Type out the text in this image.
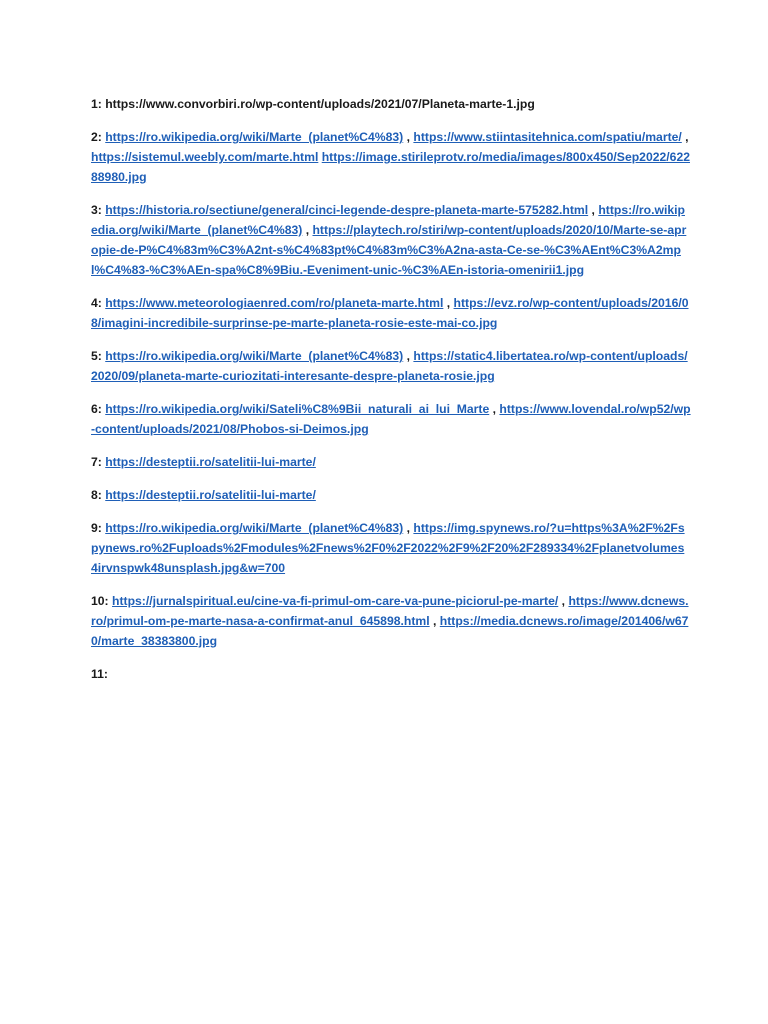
1: https://www.convorbiri.ro/wp-content/uploads/2021/07/Planeta-marte-1.jpg

2: https://ro.wikipedia.org/wiki/Marte_(planet%C4%83) , https://www.stiintasitehnica.com/spatiu/marte/ , https://sistemul.weebly.com/marte.html https://image.stirileprotv.ro/media/images/800x450/Sep2022/62288980.jpg

3: https://historia.ro/sectiune/general/cinci-legende-despre-planeta-marte-575282.html , https://ro.wikipedia.org/wiki/Marte_(planet%C4%83) , https://playtech.ro/stiri/wp-content/uploads/2020/10/Marte-se-apropie-de-P%C4%83m%C3%A2nt-s%C4%83pt%C4%83m%C3%A2na-asta-Ce-se-%C3%AEnt%C3%A2mpl%C4%83-%C3%AEn-spa%C8%9Biu.-Eveniment-unic-%C3%AEn-istoria-omenirii1.jpg

4: https://www.meteorologiaenred.com/ro/planeta-marte.html , https://evz.ro/wp-content/uploads/2016/08/imagini-incredibile-surprinse-pe-marte-planeta-rosie-este-mai-co.jpg

5: https://ro.wikipedia.org/wiki/Marte_(planet%C4%83) , https://static4.libertatea.ro/wp-content/uploads/2020/09/planeta-marte-curiozitati-interesante-despre-planeta-rosie.jpg

6: https://ro.wikipedia.org/wiki/Sateli%C8%9Bii_naturali_ai_lui_Marte , https://www.lovendal.ro/wp52/wp-content/uploads/2021/08/Phobos-si-Deimos.jpg

7: https://desteptii.ro/satelitii-lui-marte/

8: https://desteptii.ro/satelitii-lui-marte/

9: https://ro.wikipedia.org/wiki/Marte_(planet%C4%83) , https://img.spynews.ro/?u=https%3A%2F%2Fspynews.ro%2Fuploads%2Fmodules%2Fnews%2F0%2F2022%2F9%2F20%2F289334%2Fplanetvolumes4irvnspwk48unsplash.jpg&w=700

10: https://jurnalspiritual.eu/cine-va-fi-primul-om-care-va-pune-piciorul-pe-marte/ , https://www.dcnews.ro/primul-om-pe-marte-nasa-a-confirmat-anul_645898.html , https://media.dcnews.ro/image/201406/w670/marte_38383800.jpg

11:
